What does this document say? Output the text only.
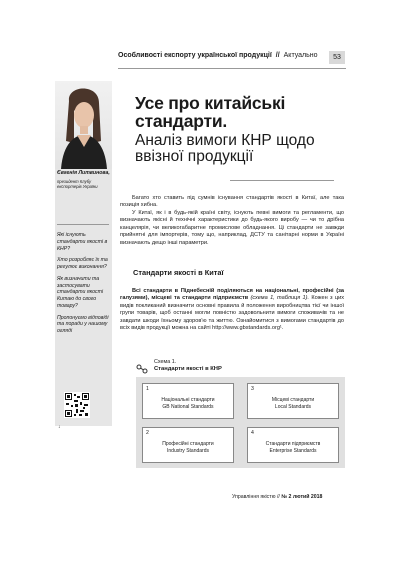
Особливості експорту української продукції // Актуально	53
Євгенія Литвинова,
президент Клубу експортерів України

Які існують стандарти якості в КНР?

Хто розробляє їх та регулює виконання?

Як визначити та застосувати стандарти якості Китаю до свого товару?

Пропонуємо відповіді та поради у нашому огляді

↓
Усе про китайські стандарти.
Аналіз вимоги КНР щодо ввізної продукції

Багато хто ставить під сумнів існування стандартів якості в Китаї, але така позиція хибна.

У Китаї, як і в будь-якій країні світу, існують певні вимоги та регламенти, що визначають якісні й технічні характеристики до будь-якого виробу — чи то дрібна канцелярія, чи великогабаритне промислове обладнання. Ці стандарти не завжди прийнятні для імпортерів, тому що, наприклад, ДСТУ та санітарні норми в Україні визначають дещо інші параметри.

Стандарти якості в Китаї
Всі стандарти в Піднебесній поділяються на національні, професійні (за галузями), місцеві та стандарти підприємств (схема 1, таблиця 1). Кожен з цих видів покликаний визначити основні правила й положення виробництва тієї чи іншої групи товарів, щоб останні могли повністю задовольнити вимоги споживачів та не завдати шкоди їхньому здоров'ю та життю. Ознайомитися з вимогами стандартів до всіх видів продукції можна на сайті http://www.gbstandards.org¹.
Схема 1.
Стандарти якості в КНР
1
Національні стандарти
GB National Standards
3
Місцеві стандарти
Local Standards
2
Професійні стандарти
Industry Standards
4
Стандарти підприємств
Enterprise Standards
Управління якістю // № 2 лютий 2018
